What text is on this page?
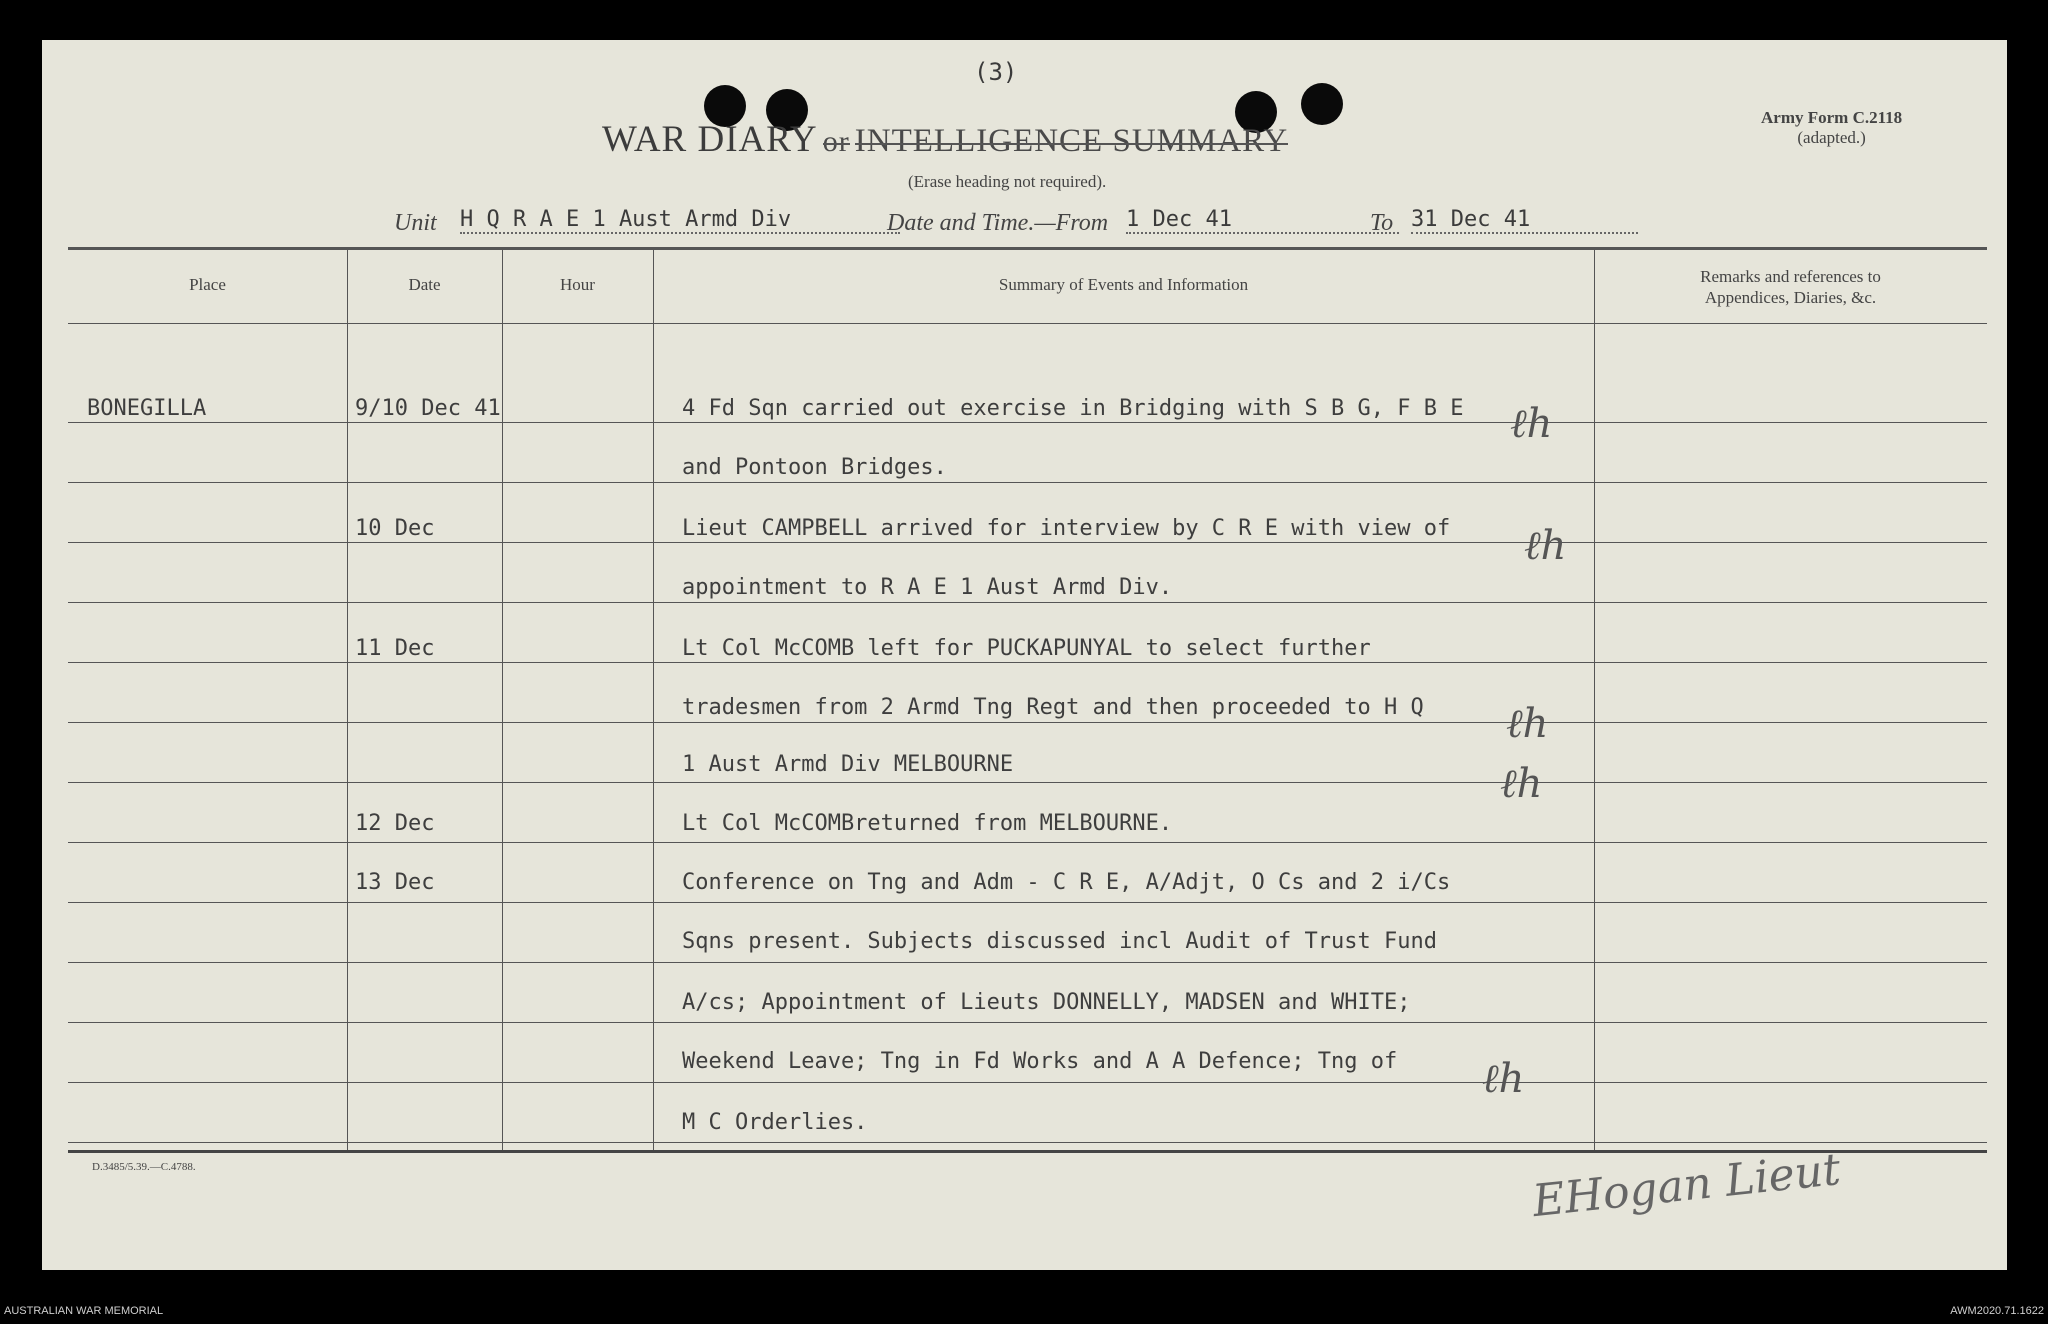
(3)
WAR DIARY or INTELLIGENCE SUMMARY
(Erase heading not required).
Army Form C.2118
(adapted.)
Unit H Q R A E 1 Aust Armd Div	Date and Time.—From 1 Dec 41	To 31 Dec 41
Place	Date	Hour	Summary of Events and Information	Remarks and references to
Appendices, Diaries, &c.
BONEGILLA	9/10 Dec 41	4 Fd Sqn carried out exercise in Bridging with S B G, F B E
and Pontoon Bridges.
10 Dec	Lieut CAMPBELL arrived for interview by C R E with view of
appointment to R A E 1 Aust Armd Div.
11 Dec	Lt Col McCOMB left for PUCKAPUNYAL to select further
tradesmen from 2 Armd Tng Regt and then proceeded to H Q
1 Aust Armd Div MELBOURNE
12 Dec	Lt Col McCOMBreturned from MELBOURNE.
13 Dec	Conference on Tng and Adm - C R E, A/Adjt, O Cs and 2 i/Cs
Sqns present. Subjects discussed incl Audit of Trust Fund
A/cs; Appointment of Lieuts DONNELLY, MADSEN and WHITE;
Weekend Leave; Tng in Fd Works and A A Defence; Tng of
M C Orderlies.
ℓh
ℓh
ℓh
ℓh
ℓh
D.3485/5.39.—C.4788.	EHogan Lieut
AUSTRALIAN WAR MEMORIAL	AWM2020.71.1622
